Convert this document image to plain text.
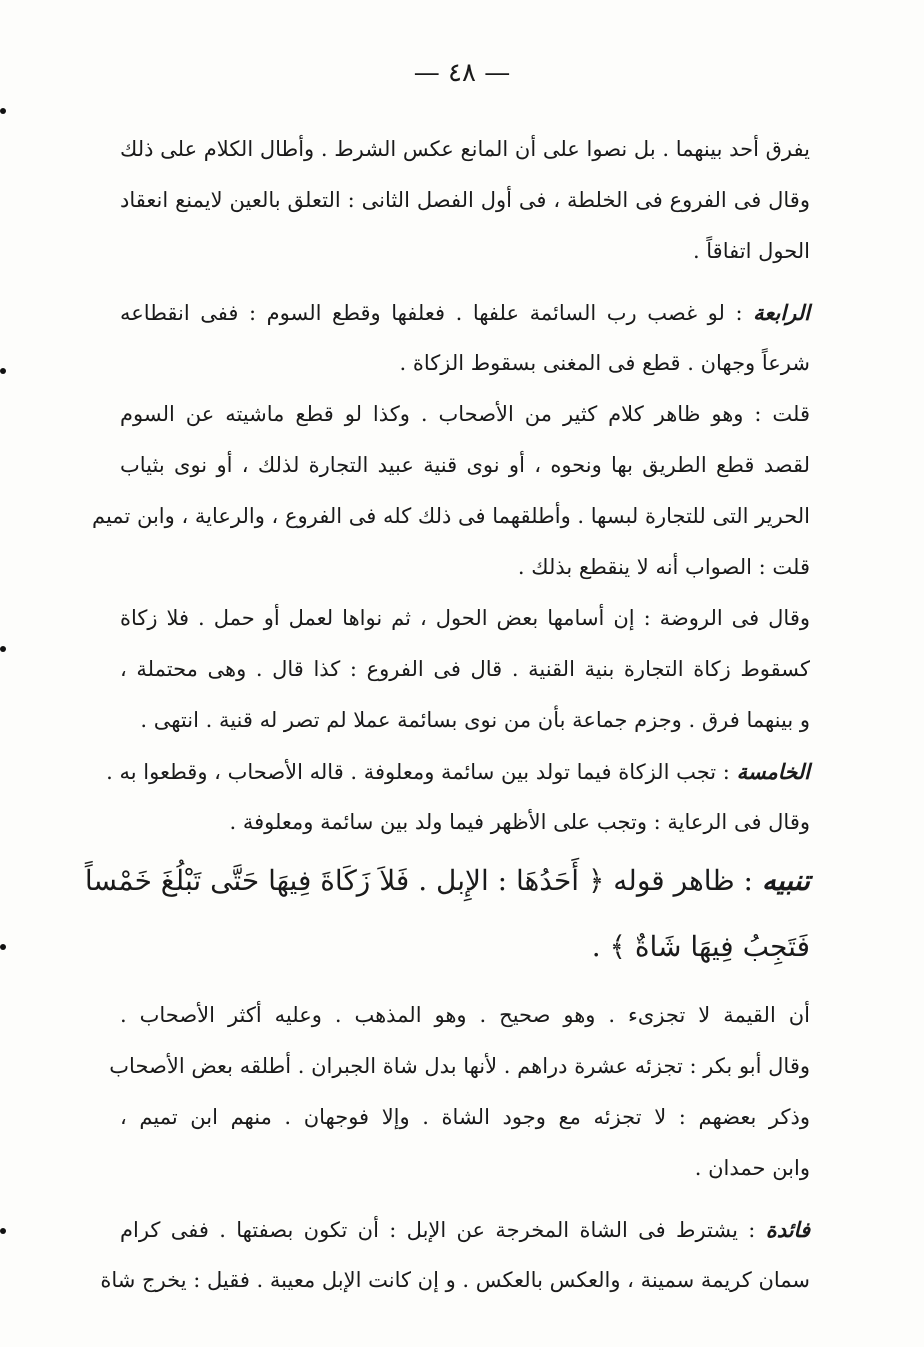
— ٤٨ —
يفرق أحد بينهما . بل نصوا على أن المانع عكس الشرط . وأطال الكلام على ذلك
وقال فى الفروع فى الخلطة ، فى أول الفصل الثانى : التعلق بالعين لايمنع انعقاد
الحول اتفاقاً .
الرابعة : لو غصب رب السائمة علفها . فعلفها وقطع السوم : ففى انقطاعه
شرعاً وجهان . قطع فى المغنى بسقوط الزكاة .
قلت : وهو ظاهر كلام كثير من الأصحاب . وكذا لو قطع ماشيته عن السوم
لقصد قطع الطريق بها ونحوه ، أو نوى قنية عبيد التجارة لذلك ، أو نوى بثياب
الحرير التى للتجارة لبسها . وأطلقهما فى ذلك كله فى الفروع ، والرعاية ، وابن تميم
قلت : الصواب أنه لا ينقطع بذلك .
وقال فى الروضة : إن أسامها بعض الحول ، ثم نواها لعمل أو حمل . فلا زكاة
كسقوط زكاة التجارة بنية القنية . قال فى الفروع : كذا قال . وهى محتملة ،
و بينهما فرق . وجزم جماعة بأن من نوى بسائمة عملا لم تصر له قنية . انتهى .
الخامسة : تجب الزكاة فيما تولد بين سائمة ومعلوفة . قاله الأصحاب ، وقطعوا به .
وقال فى الرعاية : وتجب على الأظهر فيما ولد بين سائمة ومعلوفة .
تنبيه : ظاهر قوله ﴿ أَحَدُهَا : الإِبل . فَلاَ زَكَاةَ فِيهَا حَتَّى تَبْلُغَ خَمْساً
فَتَجِبُ فِيهَا شَاةٌ ﴾ .
أن القيمة لا تجزىء . وهو صحيح . وهو المذهب . وعليه أكثر الأصحاب .
وقال أبو بكر : تجزئه عشرة دراهم . لأنها بدل شاة الجبران . أطلقه بعض الأصحاب
وذكر بعضهم : لا تجزئه مع وجود الشاة . وإلا فوجهان . منهم ابن تميم ،
وابن حمدان .
فائدة : يشترط فى الشاة المخرجة عن الإبل : أن تكون بصفتها . ففى كرام
سمان كريمة سمينة ، والعكس بالعكس . و إن كانت الإبل معيبة . فقيل : يخرج شاة
